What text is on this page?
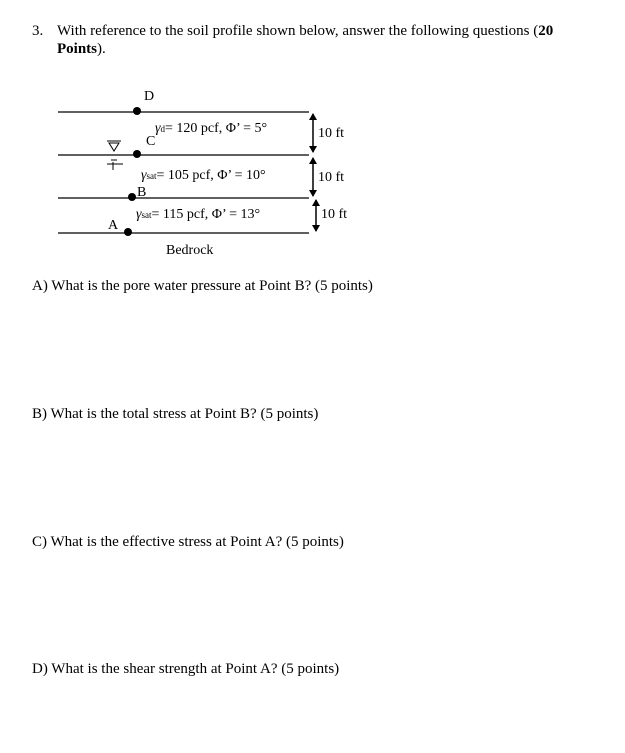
3. With reference to the soil profile shown below, answer the following questions (20
Points).
D
C
B
A
γd= 120 pcf, Φ’ = 5°
γsat= 105 pcf, Φ’ = 10°
γsat= 115 pcf, Φ’ = 13°
10 ft
10 ft
10 ft
Bedrock
A) What is the pore water pressure at Point B? (5 points)
B) What is the total stress at Point B? (5 points)
C) What is the effective stress at Point A? (5 points)
D) What is the shear strength at Point A? (5 points)
